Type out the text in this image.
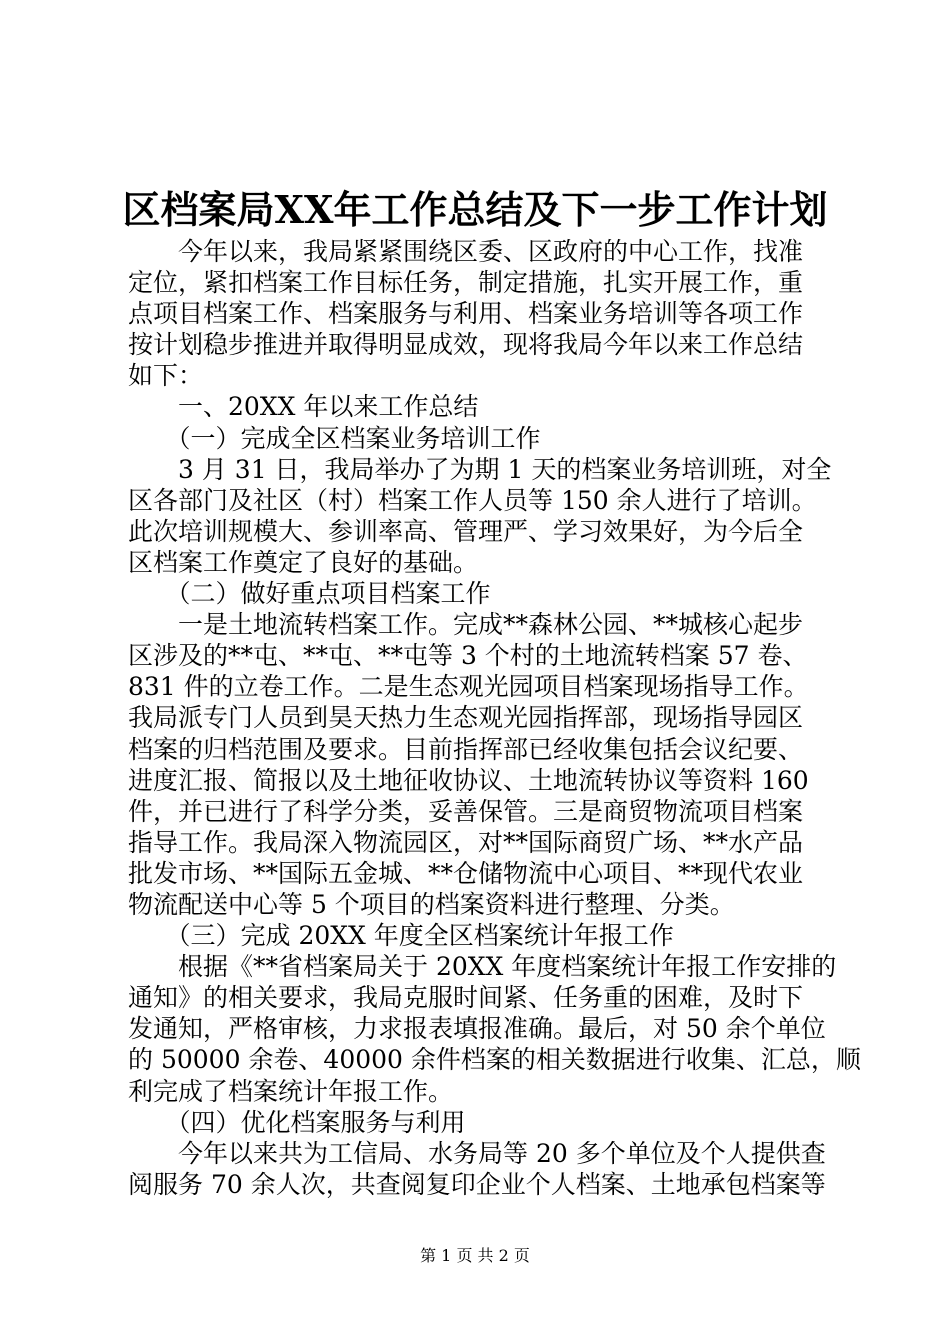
区档案局XX年工作总结及下一步工作计划
　　今年以来，我局紧紧围绕区委、区政府的中心工作，找准
定位，紧扣档案工作目标任务，制定措施，扎实开展工作，重
点项目档案工作、档案服务与利用、档案业务培训等各项工作
按计划稳步推进并取得明显成效，现将我局今年以来工作总结
如下：
　　一、20XX 年以来工作总结
　　（一）完成全区档案业务培训工作
　　3 月 31 日，我局举办了为期 1 天的档案业务培训班，对全
区各部门及社区（村）档案工作人员等 150 余人进行了培训。
此次培训规模大、参训率高、管理严、学习效果好，为今后全
区档案工作奠定了良好的基础。
　　（二）做好重点项目档案工作
　　一是土地流转档案工作。完成**森林公园、**城核心起步
区涉及的**屯、**屯、**屯等 3 个村的土地流转档案 57 卷、
831 件的立卷工作。二是生态观光园项目档案现场指导工作。
我局派专门人员到昊天热力生态观光园指挥部，现场指导园区
档案的归档范围及要求。目前指挥部已经收集包括会议纪要、
进度汇报、简报以及土地征收协议、土地流转协议等资料 160
件，并已进行了科学分类，妥善保管。三是商贸物流项目档案
指导工作。我局深入物流园区，对**国际商贸广场、**水产品
批发市场、**国际五金城、**仓储物流中心项目、**现代农业
物流配送中心等 5 个项目的档案资料进行整理、分类。
　　（三）完成 20XX 年度全区档案统计年报工作
　　根据《**省档案局关于 20XX 年度档案统计年报工作安排的
通知》的相关要求，我局克服时间紧、任务重的困难，及时下
发通知，严格审核，力求报表填报准确。最后，对 50 余个单位
的 50000 余卷、40000 余件档案的相关数据进行收集、汇总，顺
利完成了档案统计年报工作。
　　（四）优化档案服务与利用
　　今年以来共为工信局、水务局等 20 多个单位及个人提供查
阅服务 70 余人次，共查阅复印企业个人档案、土地承包档案等
第 1 页 共 2 页
